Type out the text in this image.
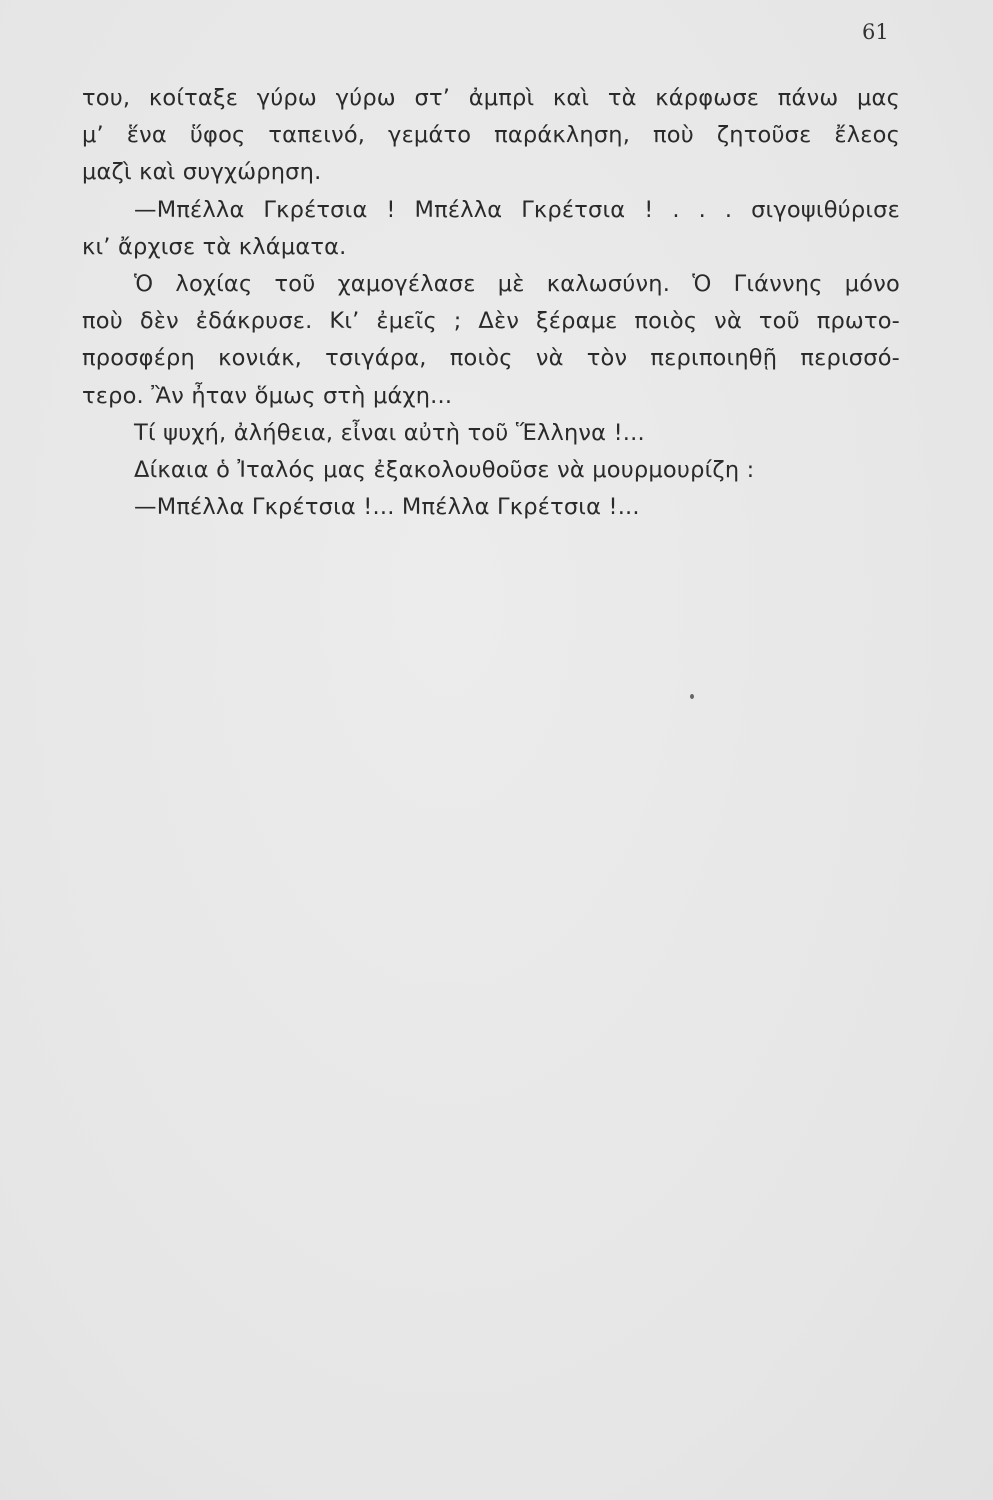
61
του, κοίταξε γύρω γύρω στ’ ἀμπρὶ καὶ τὰ κάρφωσε πάνω μας
μ’ ἕνα ὕφος ταπεινό, γεμάτο παράκληση, ποὺ ζητοῦσε ἔλεος
μαζὶ καὶ συγχώρηση.
—Μπέλλα Γκρέτσια ! Μπέλλα Γκρέτσια ! . . . σιγοψιθύρισε
κι’ ἄρχισε τὰ κλάματα.
Ὁ λοχίας τοῦ χαμογέλασε μὲ καλωσύνη. Ὁ Γιάννης μόνο
ποὺ δὲν ἐδάκρυσε. Κι’ ἐμεῖς ; Δὲν ξέραμε ποιὸς νὰ τοῦ πρωτο-
προσφέρη κονιάκ, τσιγάρα, ποιὸς νὰ τὸν περιποιηθῇ περισσό-
τερο. Ἂν ἦταν ὅμως στὴ μάχη...
Τί ψυχή, ἀλήθεια, εἶναι αὐτὴ τοῦ Ἕλληνα !...
Δίκαια ὁ Ἰταλός μας ἐξακολουθοῦσε νὰ μουρμουρίζη :
—Μπέλλα Γκρέτσια !... Μπέλλα Γκρέτσια !...
